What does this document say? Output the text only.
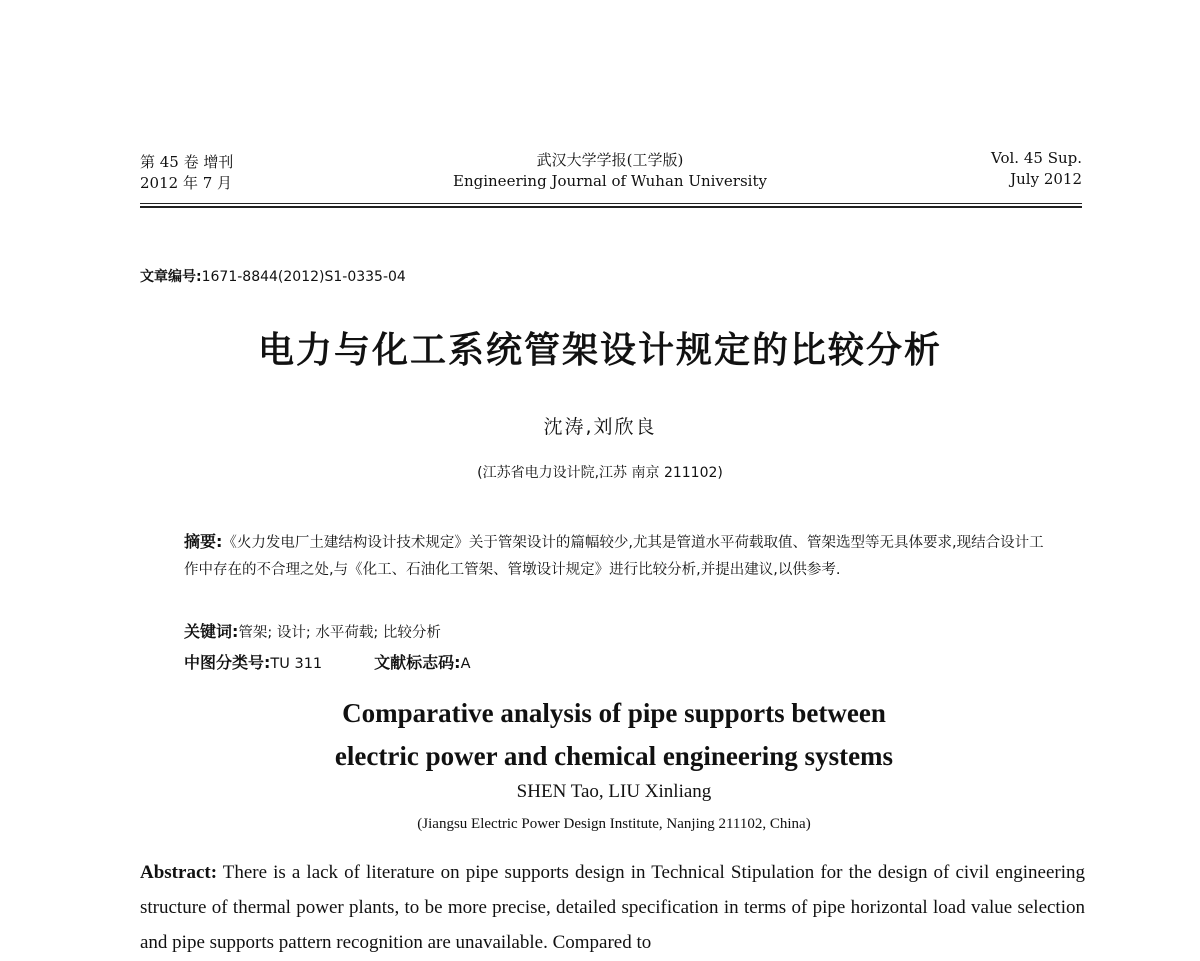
第 45 卷 增刊
2012 年 7 月
武汉大学学报(工学版)
Engineering Journal of Wuhan University
Vol. 45 Sup.
July 2012
文章编号:1671-8844(2012)S1-0335-04
电力与化工系统管架设计规定的比较分析
沈涛,刘欣良
(江苏省电力设计院,江苏 南京 211102)
摘要:《火力发电厂土建结构设计技术规定》关于管架设计的篇幅较少,尤其是管道水平荷载取值、管架选型等无具体要求,现结合设计工作中存在的不合理之处,与《化工、石油化工管架、管墩设计规定》进行比较分析,并提出建议,以供参考.
关键词:管架; 设计; 水平荷载; 比较分析
中图分类号:TU 311	文献标志码:A
Comparative analysis of pipe supports between
electric power and chemical engineering systems
SHEN Tao, LIU Xinliang
(Jiangsu Electric Power Design Institute, Nanjing 211102, China)
Abstract: There is a lack of literature on pipe supports design in Technical Stipulation for the design of civil engineering structure of thermal power plants, to be more precise, detailed specification in terms of pipe horizontal load value selection and pipe supports pattern recognition are unavailable. Compared to
